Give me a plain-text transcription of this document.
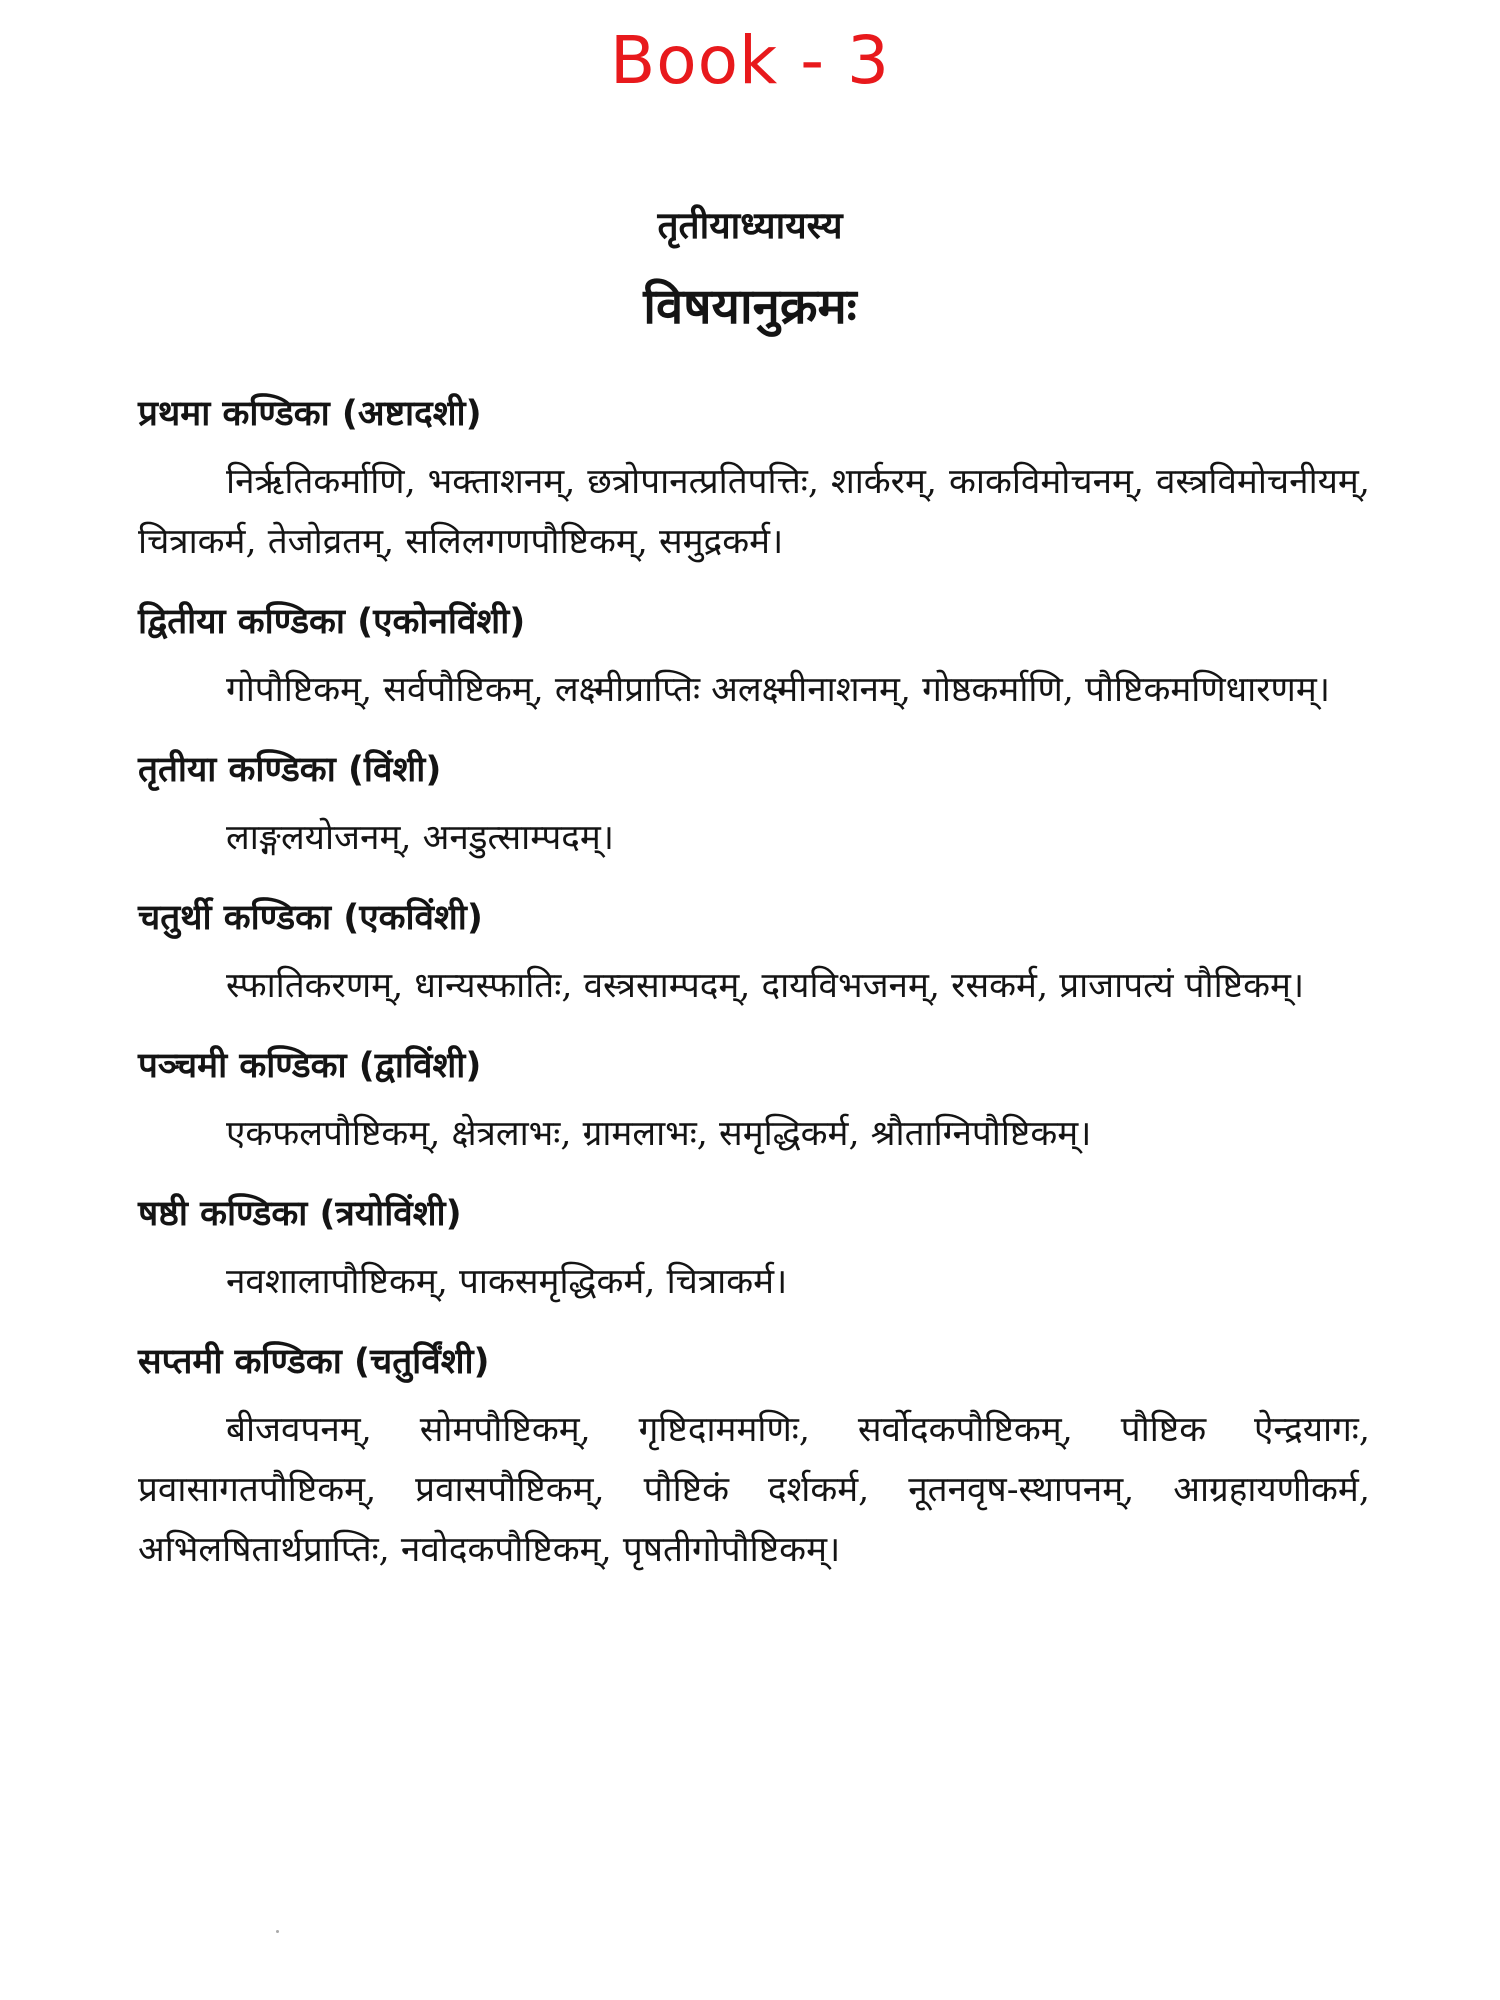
Book - 3
तृतीयाध्यायस्य
विषयानुक्रमः
प्रथमा कण्डिका (अष्टादशी)
निर्ऋतिकर्माणि, भक्ताशनम्, छत्रोपानत्प्रतिपत्तिः, शार्करम्, काकविमोचनम्, वस्त्रविमोचनीयम्, चित्राकर्म, तेजोव्रतम्, सलिलगणपौष्टिकम्, समुद्रकर्म।
द्वितीया कण्डिका (एकोनविंशी)
गोपौष्टिकम्, सर्वपौष्टिकम्, लक्ष्मीप्राप्तिः अलक्ष्मीनाशनम्, गोष्ठकर्माणि, पौष्टिकमणिधारणम्।
तृतीया कण्डिका (विंशी)
लाङ्गलयोजनम्, अनडुत्साम्पदम्।
चतुर्थी कण्डिका (एकविंशी)
स्फातिकरणम्, धान्यस्फातिः, वस्त्रसाम्पदम्, दायविभजनम्, रसकर्म, प्राजापत्यं पौष्टिकम्।
पञ्चमी कण्डिका (द्वाविंशी)
एकफलपौष्टिकम्, क्षेत्रलाभः, ग्रामलाभः, समृद्धिकर्म, श्रौताग्निपौष्टिकम्।
षष्ठी कण्डिका (त्रयोविंशी)
नवशालापौष्टिकम्, पाकसमृद्धिकर्म, चित्राकर्म।
सप्तमी कण्डिका (चतुर्विंशी)
बीजवपनम्, सोमपौष्टिकम्, गृष्टिदाममणिः, सर्वोदकपौष्टिकम्, पौष्टिक ऐन्द्रयागः, प्रवासागतपौष्टिकम्, प्रवासपौष्टिकम्, पौष्टिकं दर्शकर्म, नूतनवृष-स्थापनम्, आग्रहायणीकर्म, अभिलषितार्थप्राप्तिः, नवोदकपौष्टिकम्, पृषतीगोपौष्टिकम्।
